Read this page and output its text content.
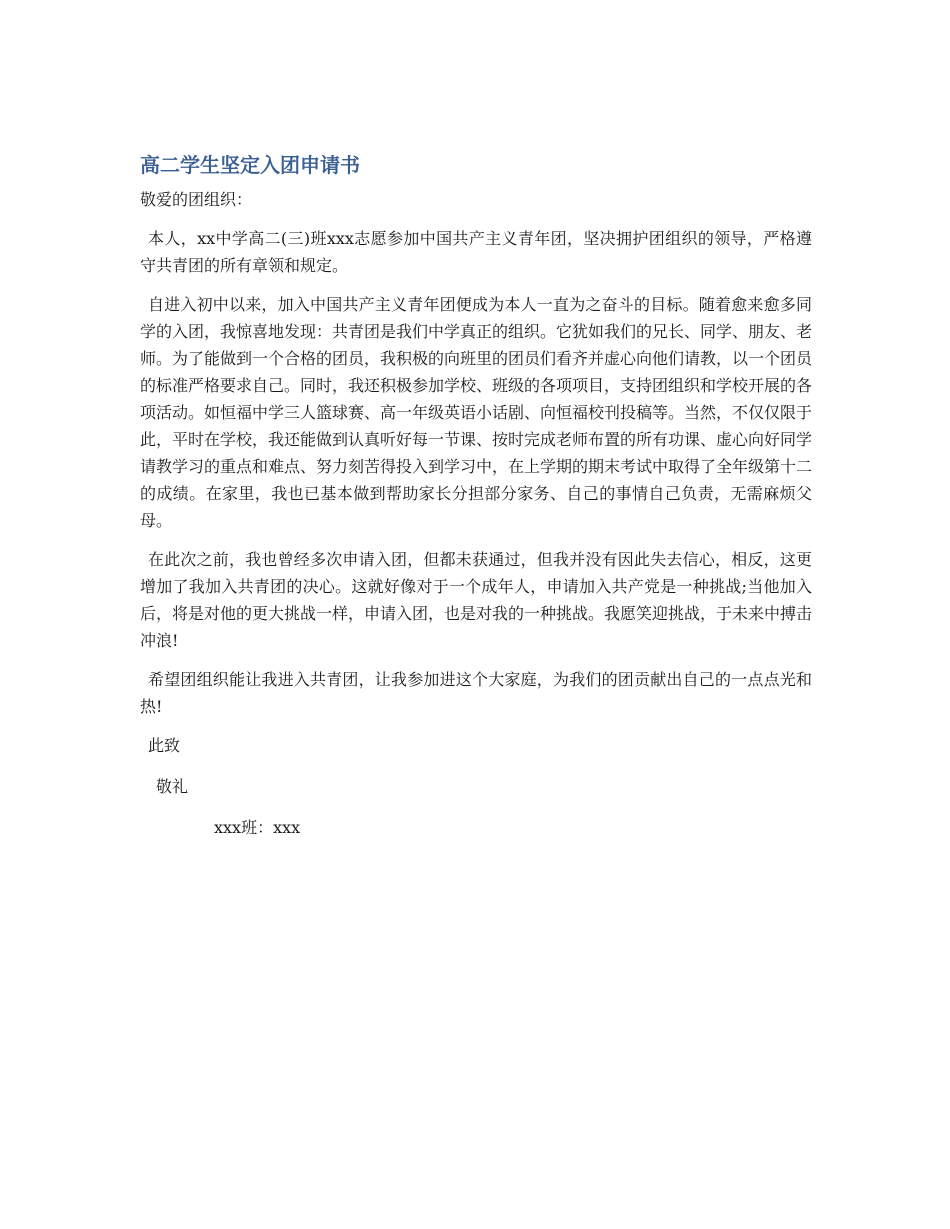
高二学生坚定入团申请书

敬爱的团组织：

本人，xx中学高二(三)班xxx志愿参加中国共产主义青年团，坚决拥护团组织的领导，严格遵守共青团的所有章领和规定。

自进入初中以来，加入中国共产主义青年团便成为本人一直为之奋斗的目标。随着愈来愈多同学的入团，我惊喜地发现：共青团是我们中学真正的组织。它犹如我们的兄长、同学、朋友、老师。为了能做到一个合格的团员，我积极的向班里的团员们看齐并虚心向他们请教，以一个团员的标准严格要求自己。同时，我还积极参加学校、班级的各项项目，支持团组织和学校开展的各项活动。如恒福中学三人篮球赛、高一年级英语小话剧、向恒福校刊投稿等。当然，不仅仅限于此，平时在学校，我还能做到认真听好每一节课、按时完成老师布置的所有功课、虚心向好同学请教学习的重点和难点、努力刻苦得投入到学习中，在上学期的期末考试中取得了全年级第十二的成绩。在家里，我也已基本做到帮助家长分担部分家务、自己的事情自己负责，无需麻烦父母。

在此次之前，我也曾经多次申请入团，但都未获通过，但我并没有因此失去信心，相反，这更增加了我加入共青团的决心。这就好像对于一个成年人，申请加入共产党是一种挑战;当他加入后，将是对他的更大挑战一样，申请入团，也是对我的一种挑战。我愿笑迎挑战，于未来中搏击冲浪!

希望团组织能让我进入共青团，让我参加进这个大家庭，为我们的团贡献出自己的一点点光和热!

此致

敬礼

xxx班：xxx
